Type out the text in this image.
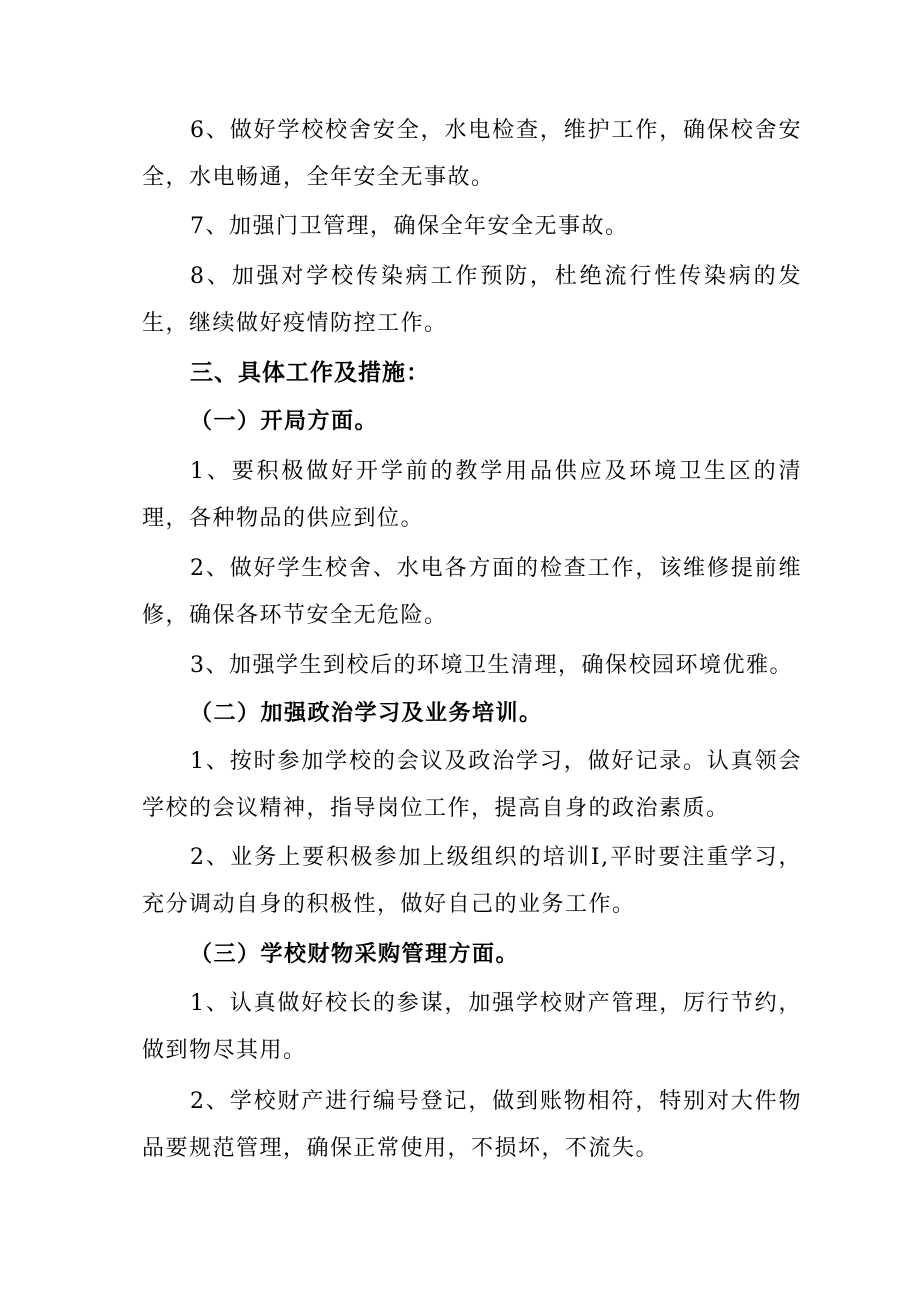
6、做好学校校舍安全，水电检查，维护工作，确保校舍安全，水电畅通，全年安全无事故。

7、加强门卫管理，确保全年安全无事故。

8、加强对学校传染病工作预防，杜绝流行性传染病的发生，继续做好疫情防控工作。

三、具体工作及措施：
（一）开局方面。

1、要积极做好开学前的教学用品供应及环境卫生区的清理，各种物品的供应到位。

2、做好学生校舍、水电各方面的检查工作，该维修提前维修，确保各环节安全无危险。

3、加强学生到校后的环境卫生清理，确保校园环境优雅。

（二）加强政治学习及业务培训。

1、按时参加学校的会议及政治学习，做好记录。认真领会学校的会议精神，指导岗位工作，提高自身的政治素质。

2、业务上要积极参加上级组织的培训I,平时要注重学习，充分调动自身的积极性，做好自己的业务工作。

（三）学校财物采购管理方面。

1、认真做好校长的参谋，加强学校财产管理，厉行节约，做到物尽其用。

2、学校财产进行编号登记，做到账物相符，特别对大件物品要规范管理，确保正常使用，不损坏，不流失。
